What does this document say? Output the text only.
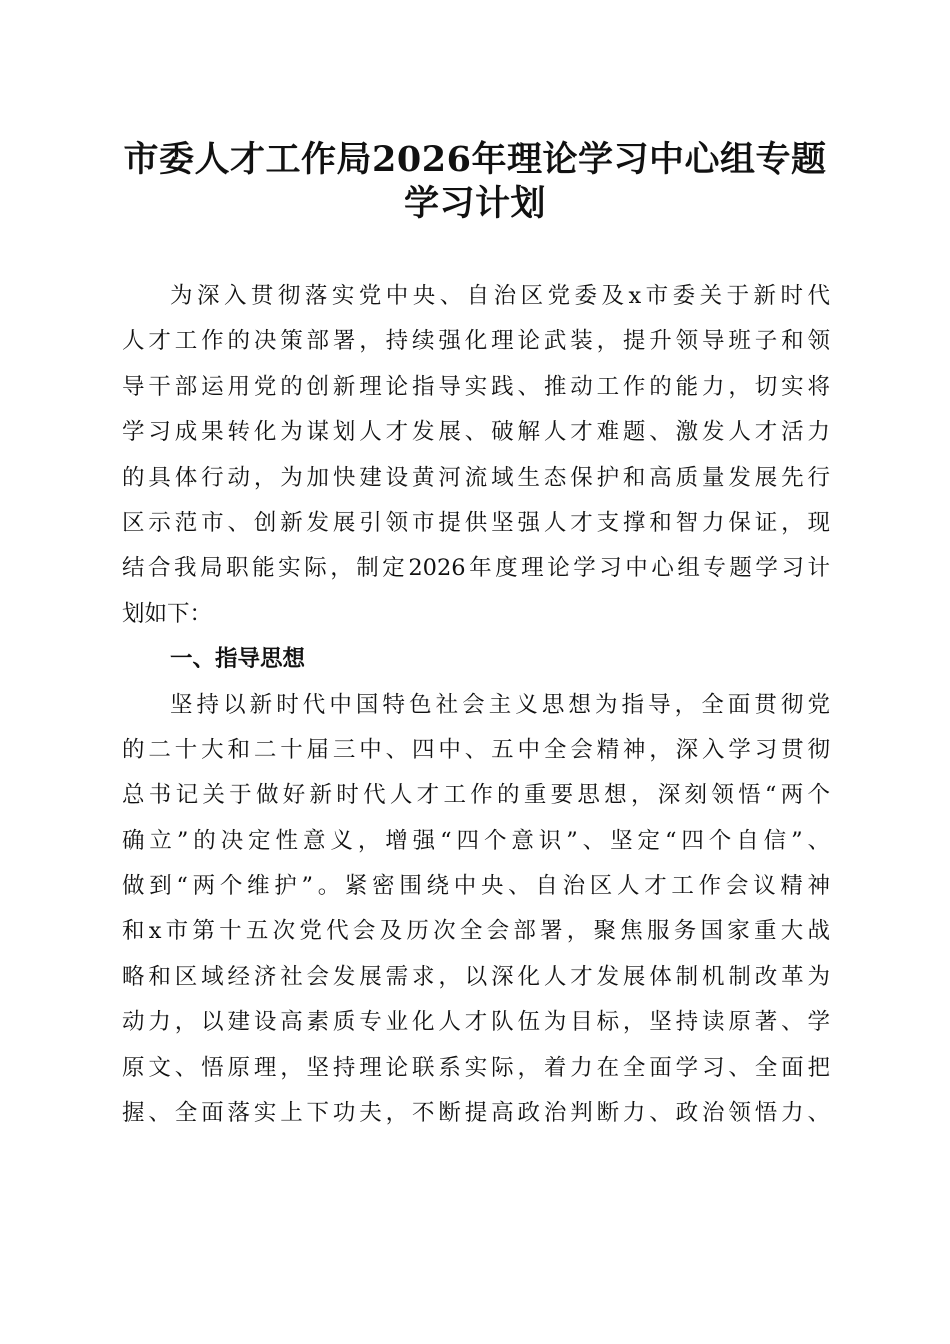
市委人才工作局2026年理论学习中心组专题
学习计划
为深入贯彻落实党中央、自治区党委及x市委关于新时代
人才工作的决策部署，持续强化理论武装，提升领导班子和领
导干部运用党的创新理论指导实践、推动工作的能力，切实将
学习成果转化为谋划人才发展、破解人才难题、激发人才活力
的具体行动，为加快建设黄河流域生态保护和高质量发展先行
区示范市、创新发展引领市提供坚强人才支撑和智力保证，现
结合我局职能实际，制定2026年度理论学习中心组专题学习计
划如下：
一、指导思想
坚持以新时代中国特色社会主义思想为指导，全面贯彻党
的二十大和二十届三中、四中、五中全会精神，深入学习贯彻
总书记关于做好新时代人才工作的重要思想，深刻领悟“两个
确立”的决定性意义，增强“四个意识”、坚定“四个自信”、
做到“两个维护”。紧密围绕中央、自治区人才工作会议精神
和x市第十五次党代会及历次全会部署，聚焦服务国家重大战
略和区域经济社会发展需求，以深化人才发展体制机制改革为
动力，以建设高素质专业化人才队伍为目标，坚持读原著、学
原文、悟原理，坚持理论联系实际，着力在全面学习、全面把
握、全面落实上下功夫，不断提高政治判断力、政治领悟力、
